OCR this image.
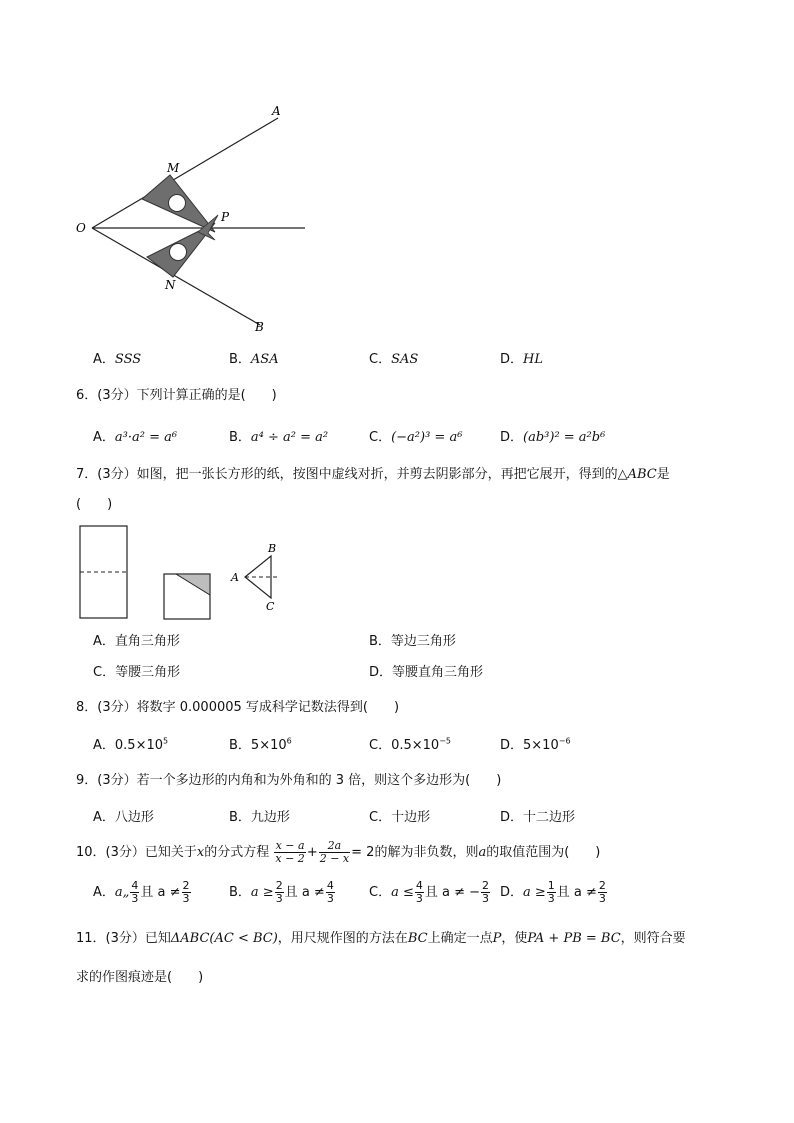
A
B
O
P
M
N
A．SSS	B．ASA	C．SAS	D．HL
6．(3分）下列计算正确的是(　　)
A．a³·a² = a⁶	B．a⁴ ÷ a² = a²	C．(−a²)³ = a⁶	D．(ab³)² = a²b⁶
7．(3分）如图，把一张长方形的纸，按图中虚线对折，并剪去阴影部分，再把它展开，得到的△ABC是
(　　)
B
A
C
A．直角三角形	B．等边三角形
C．等腰三角形	D．等腰直角三角形
8．(3分）将数字 0.000005 写成科学记数法得到(　　)
A．$0.5\times 10^5$	B．$5\times 10^6$	C．$0.5\times 10^{-5}$	D．$5\times 10^{-6}$
9．(3分）若一个多边形的内角和为外角和的 3 倍，则这个多边形为(　　)
A．八边形	B．九边形	C．十边形	D．十二边形
10．(3分）已知关于x的分式方程 $\frac{x - a}{x - 2} + \frac{2a}{2 - x} = 2$的解为非负数，则a的取值范围为(　　)
A．a„ $\frac{4}{3}$ 且 $a \ne \frac{2}{3}$	B．$a \ge \frac{2}{3}$ 且 $a \ne \frac{4}{3}$	C．$a \le \frac{4}{3}$ 且 a ≠ − $\frac{2}{3}$ D．$a \ge \frac{1}{3}$ 且 $a \ne \frac{2}{3}$
11．(3分）已知ΔABC(AC < BC)，用尺规作图的方法在BC上确定一点P，使PA + PB = BC，则符合要
求的作图痕迹是(　　)
